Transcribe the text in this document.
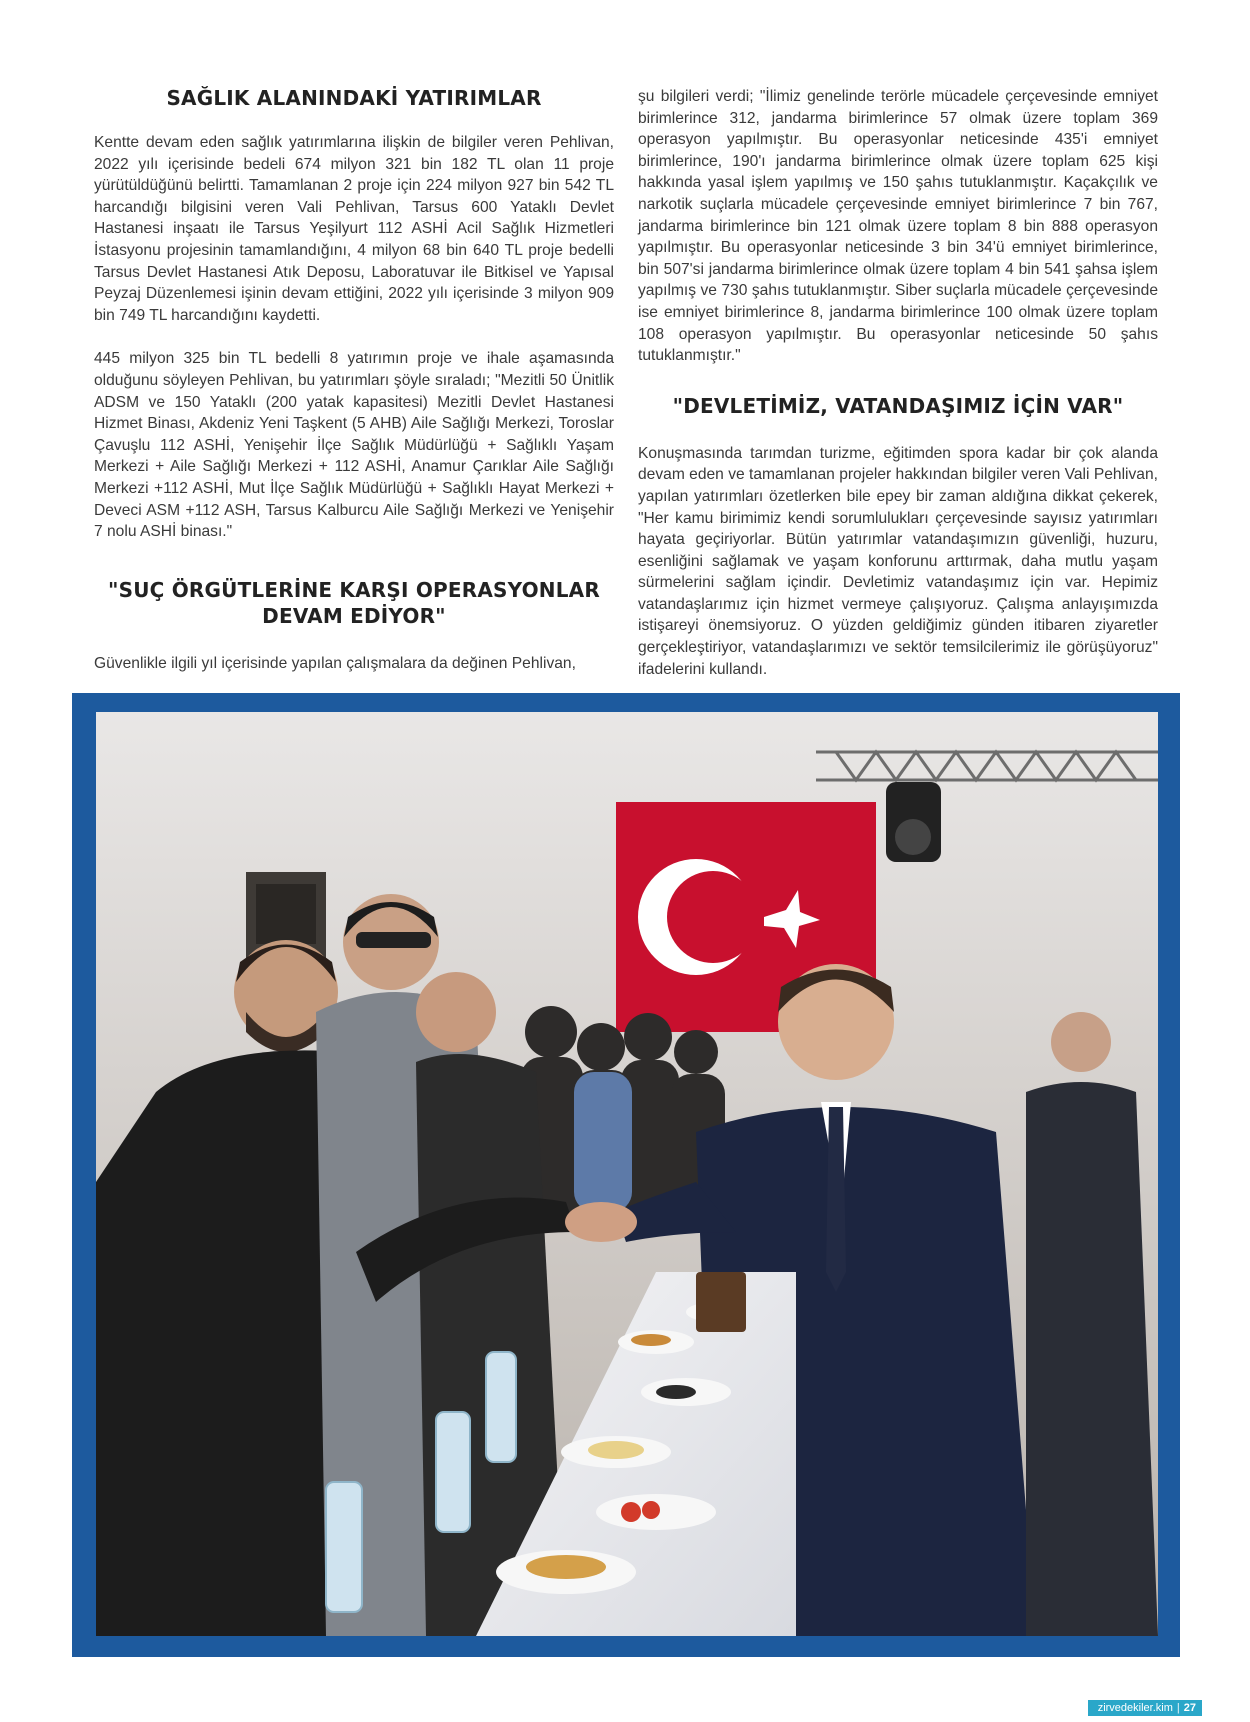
SAĞLIK ALANINDAKİ YATIRIMLAR

Kentte devam eden sağlık yatırımlarına ilişkin de bilgiler veren Pehlivan, 2022 yılı içerisinde bedeli 674 milyon 321 bin 182 TL olan 11 proje yürütüldüğünü belirtti. Tamamlanan 2 proje için 224 milyon 927 bin 542 TL harcandığı bilgisini veren Vali Pehlivan, Tarsus 600 Yataklı Devlet Hastanesi inşaatı ile Tarsus Yeşilyurt 112 ASHİ Acil Sağlık Hizmetleri İstasyonu projesinin tamamlandığını, 4 milyon 68 bin 640 TL proje bedelli Tarsus Devlet Hastanesi Atık Deposu, Laboratuvar ile Bitkisel ve Yapısal Peyzaj Düzenlemesi işinin devam ettiğini, 2022 yılı içerisinde 3 milyon 909 bin 749 TL harcandığını kaydetti.

445 milyon 325 bin TL bedelli 8 yatırımın proje ve ihale aşamasında olduğunu söyleyen Pehlivan, bu yatırımları şöyle sıraladı; "Mezitli 50 Ünitlik ADSM ve 150 Yataklı (200 yatak kapasitesi) Mezitli Devlet Hastanesi Hizmet Binası, Akdeniz Yeni Taşkent (5 AHB) Aile Sağlığı Merkezi, Toroslar Çavuşlu 112 ASHİ, Yenişehir İlçe Sağlık Müdürlüğü + Sağlıklı Yaşam Merkezi + Aile Sağlığı Merkezi + 112 ASHİ, Anamur Çarıklar Aile Sağlığı Merkezi +112 ASHİ, Mut İlçe Sağlık Müdürlüğü + Sağlıklı Hayat Merkezi + Deveci ASM +112 ASH, Tarsus Kalburcu Aile Sağlığı Merkezi ve Yenişehir 7 nolu ASHİ binası."

"SUÇ ÖRGÜTLERİNE KARŞI OPERASYONLAR DEVAM EDİYOR"

Güvenlikle ilgili yıl içerisinde yapılan çalışmalara da değinen Pehlivan,

şu bilgileri verdi; "İlimiz genelinde terörle mücadele çerçevesinde emniyet birimlerince 312, jandarma birimlerince 57 olmak üzere toplam 369 operasyon yapılmıştır. Bu operasyonlar neticesinde 435'i emniyet birimlerince, 190'ı jandarma birimlerince olmak üzere toplam 625 kişi hakkında yasal işlem yapılmış ve 150 şahıs tutuklanmıştır. Kaçakçılık ve narkotik suçlarla mücadele çerçevesinde emniyet birimlerince 7 bin 767, jandarma birimlerince bin 121 olmak üzere toplam 8 bin 888 operasyon yapılmıştır. Bu operasyonlar neticesinde 3 bin 34'ü emniyet birimlerince, bin 507'si jandarma birimlerince olmak üzere toplam 4 bin 541 şahsa işlem yapılmış ve 730 şahıs tutuklanmıştır. Siber suçlarla mücadele çerçevesinde ise emniyet birimlerince 8, jandarma birimlerince 100 olmak üzere toplam 108 operasyon yapılmıştır. Bu operasyonlar neticesinde 50 şahıs tutuklanmıştır."

"DEVLETİMİZ, VATANDAŞIMIZ İÇİN VAR"

Konuşmasında tarımdan turizme, eğitimden spora kadar bir çok alanda devam eden ve tamamlanan projeler hakkından bilgiler veren Vali Pehlivan, yapılan yatırımları özetlerken bile epey bir zaman aldığına dikkat çekerek, "Her kamu birimimiz kendi sorumlulukları çerçevesinde sayısız yatırımları hayata geçiriyorlar. Bütün yatırımlar vatandaşımızın güvenliği, huzuru, esenliğini sağlamak ve yaşam konforunu arttırmak, daha mutlu yaşam sürmelerini sağlam içindir. Devletimiz vatandaşımız için var. Hepimiz vatandaşlarımız için hizmet vermeye çalışıyoruz. Çalışma anlayışımızda istişareyi önemsiyoruz. O yüzden geldiğimiz günden itibaren ziyaretler gerçekleştiriyor, vatandaşlarımızı ve sektör temsilcilerimiz ile görüşüyoruz" ifadelerini kullandı.

zirvedekiler.kim | 27
